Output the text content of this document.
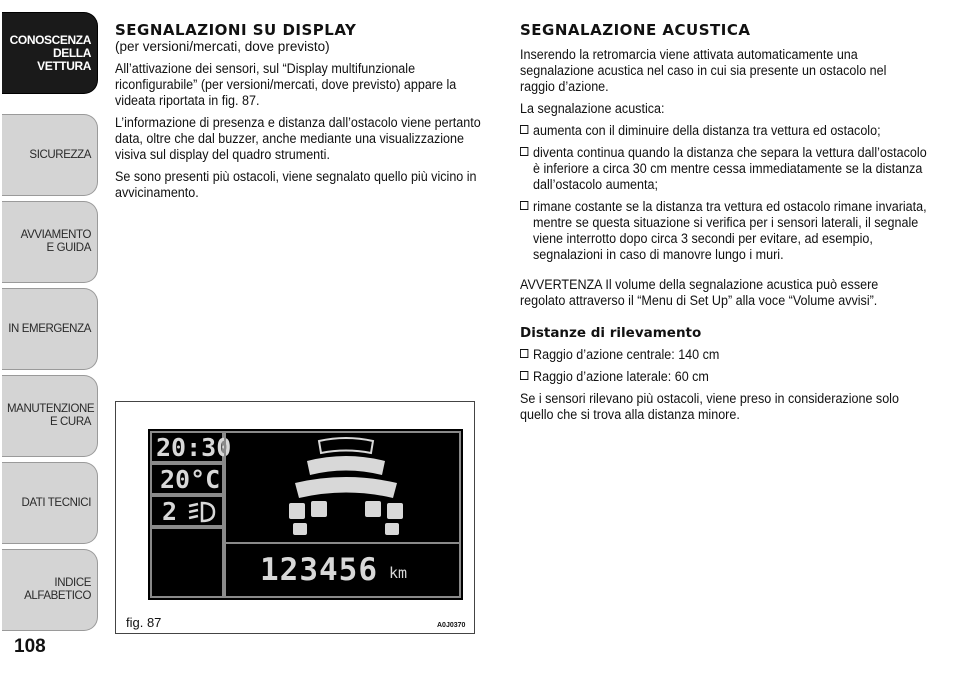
CONOSCENZA DELLA VETTURA
SICUREZZA
AVVIAMENTO E GUIDA
IN EMERGENZA
MANUTENZIONE E CURA
DATI TECNICI
INDICE ALFABETICO
108
SEGNALAZIONI SU DISPLAY
(per versioni/mercati, dove previsto)

All’attivazione dei sensori, sul “Display multifunzionale riconfigurabile” (per versioni/mercati, dove previsto) appare la videata riportata in fig. 87.

L’informazione di presenza e distanza dall’ostacolo viene pertanto data, oltre che dal buzzer, anche mediante una visualizzazione visiva sul display del quadro strumenti.

Se sono presenti più ostacoli, viene segnalato quello più vicino in avvicinamento.

20:30
20°C
2
123456 km
fig. 87	A0J0370
SEGNALAZIONE ACUSTICA

Inserendo la retromarcia viene attivata automaticamente una segnalazione acustica nel caso in cui sia presente un ostacolo nel raggio d’azione.

La segnalazione acustica:

aumenta con il diminuire della distanza tra vettura ed ostacolo;
diventa continua quando la distanza che separa la vettura dall’ostacolo è inferiore a circa 30 cm mentre cessa immediatamente se la distanza dall’ostacolo aumenta;
rimane costante se la distanza tra vettura ed ostacolo rimane invariata, mentre se questa situazione si verifica per i sensori laterali, il segnale viene interrotto dopo circa 3 secondi per evitare, ad esempio, segnalazioni in caso di manovre lungo i muri.

AVVERTENZA Il volume della segnalazione acustica può essere regolato attraverso il “Menu di Set Up” alla voce “Volume avvisi”.

Distanze di rilevamento
Raggio d’azione centrale: 140 cm
Raggio d’azione laterale: 60 cm

Se i sensori rilevano più ostacoli, viene preso in considerazione solo quello che si trova alla distanza minore.
